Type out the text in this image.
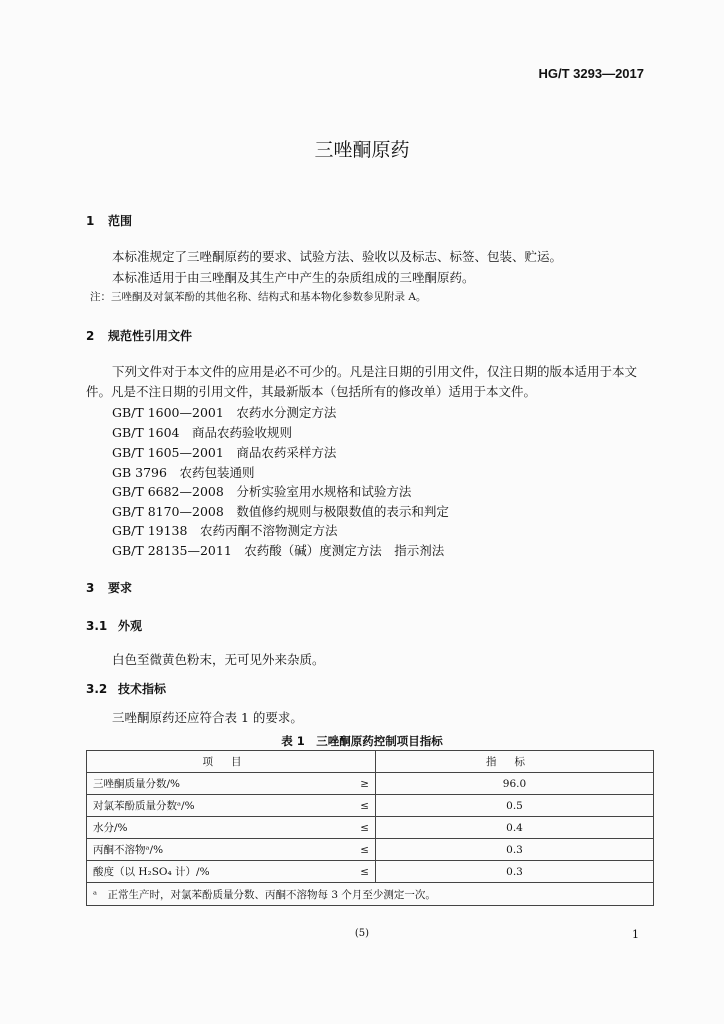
HG/T 3293—2017
三唑酮原药
1 范围
本标准规定了三唑酮原药的要求、试验方法、验收以及标志、标签、包装、贮运。
本标准适用于由三唑酮及其生产中产生的杂质组成的三唑酮原药。
注：三唑酮及对氯苯酚的其他名称、结构式和基本物化参数参见附录 A。
2 规范性引用文件
下列文件对于本文件的应用是必不可少的。凡是注日期的引用文件，仅注日期的版本适用于本文件。凡是不注日期的引用文件，其最新版本（包括所有的修改单）适用于本文件。
GB/T 1600—2001　农药水分测定方法
GB/T 1604　商品农药验收规则
GB/T 1605—2001　商品农药采样方法
GB 3796　农药包装通则
GB/T 6682—2008　分析实验室用水规格和试验方法
GB/T 8170—2008　数值修约规则与极限数值的表示和判定
GB/T 19138　农药丙酮不溶物测定方法
GB/T 28135—2011　农药酸（碱）度测定方法　指示剂法
3 要求
3.1 外观
白色至微黄色粉末，无可见外来杂质。
3.2 技术指标
三唑酮原药还应符合表 1 的要求。
表 1　三唑酮原药控制项目指标
项目		指标
三唑酮质量分数/%	≥	96.0
对氯苯酚质量分数ᵃ/%	≤	0.5
水分/%	≤	0.4
丙酮不溶物ᵃ/%	≤	0.3
酸度（以 H₂SO₄ 计）/%	≤	0.3
ᵃ　正常生产时，对氯苯酚质量分数、丙酮不溶物每 3 个月至少测定一次。		
(5)	1
